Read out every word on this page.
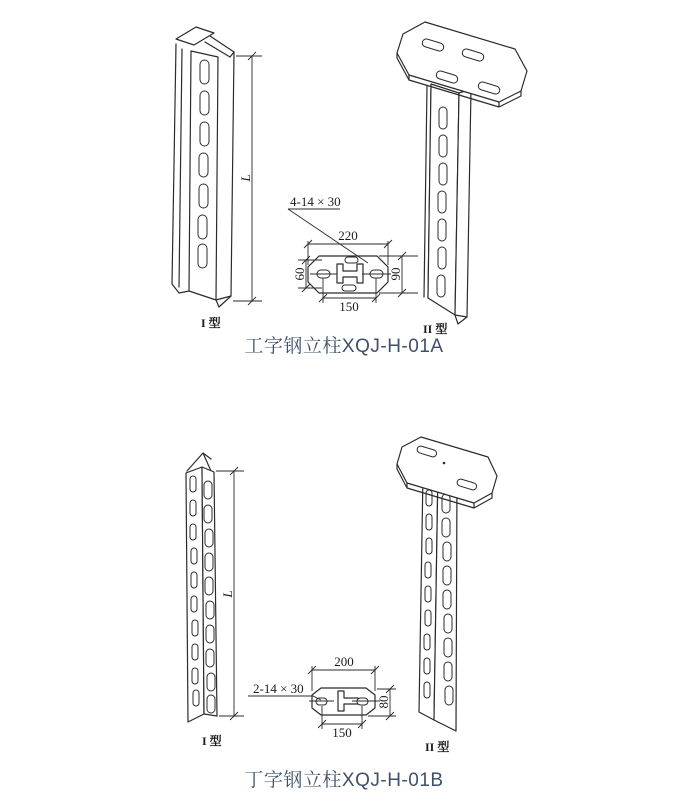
L
I 型
220
60	90
150
4-14 × 30
II 型
L
I 型
200
80
150
2-14 × 30
II 型
工字钢立柱XQJ-H-01A
丁字钢立柱XQJ-H-01B
